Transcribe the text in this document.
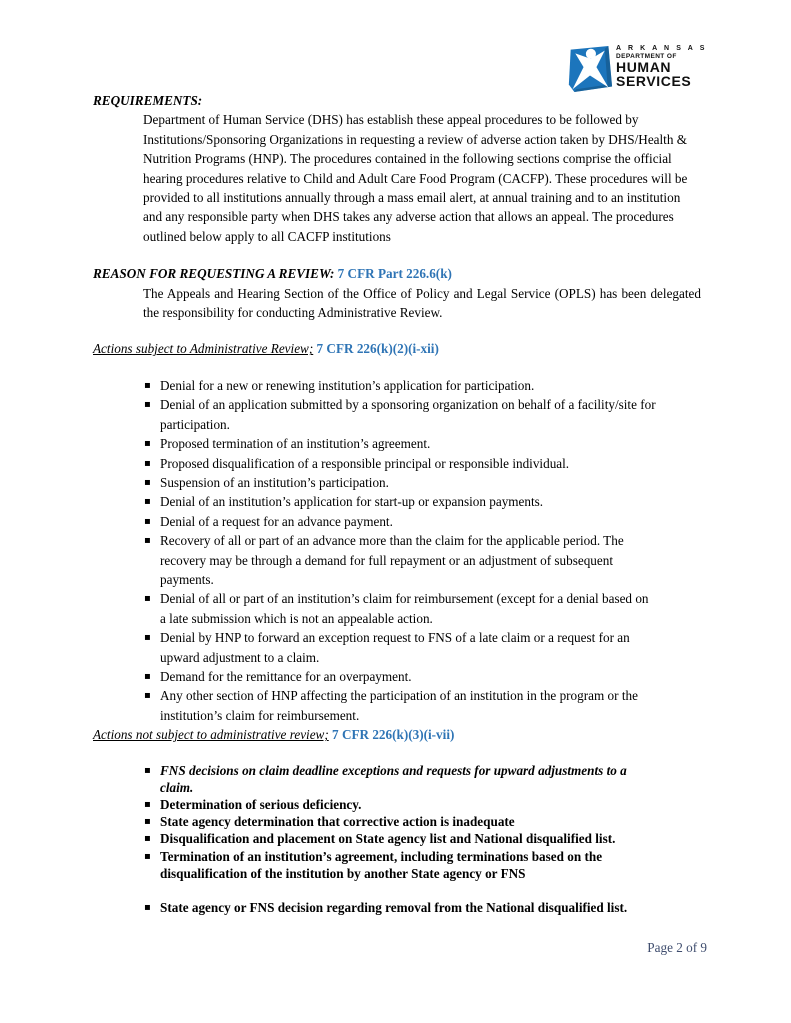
A R K A N S A S
DEPARTMENT OF
HUMAN
SERVICES
REQUIREMENTS:

Department of Human Service (DHS) has establish these appeal procedures to be followed by Institutions/Sponsoring Organizations in requesting a review of adverse action taken by DHS/Health & Nutrition Programs (HNP). The procedures contained in the following sections comprise the official hearing procedures relative to Child and Adult Care Food Program (CACFP). These procedures will be provided to all institutions annually through a mass email alert, at annual training and to an institution and any responsible party when DHS takes any adverse action that allows an appeal. The procedures outlined below apply to all CACFP institutions

REASON FOR REQUESTING A REVIEW: 7 CFR Part 226.6(k)

The Appeals and Hearing Section of the Office of Policy and Legal Service (OPLS) has been delegated the responsibility for conducting Administrative Review.

Actions subject to Administrative Review; 7 CFR 226(k)(2)(i-xii)
▪ Denial for a new or renewing institution’s application for participation.
▪ Denial of an application submitted by a sponsoring organization on behalf of a facility/site for participation.
▪ Proposed termination of an institution’s agreement.
▪ Proposed disqualification of a responsible principal or responsible individual.
▪ Suspension of an institution’s participation.
▪ Denial of an institution’s application for start-up or expansion payments.
▪ Denial of a request for an advance payment.
▪ Recovery of all or part of an advance more than the claim for the applicable period. The recovery may be through a demand for full repayment or an adjustment of subsequent payments.
▪ Denial of all or part of an institution’s claim for reimbursement (except for a denial based on a late submission which is not an appealable action.
▪ Denial by HNP to forward an exception request to FNS of a late claim or a request for an upward adjustment to a claim.
▪ Demand for the remittance for an overpayment.
▪ Any other section of HNP affecting the participation of an institution in the program or the institution’s claim for reimbursement.
Actions not subject to administrative review; 7 CFR 226(k)(3)(i-vii)
▪ FNS decisions on claim deadline exceptions and requests for upward adjustments to a claim.
▪ Determination of serious deficiency.
▪ State agency determination that corrective action is inadequate
▪ Disqualification and placement on State agency list and National disqualified list.
▪ Termination of an institution’s agreement, including terminations based on the disqualification of the institution by another State agency or FNS
▪ State agency or FNS decision regarding removal from the National disqualified list.
Page 2 of 9
